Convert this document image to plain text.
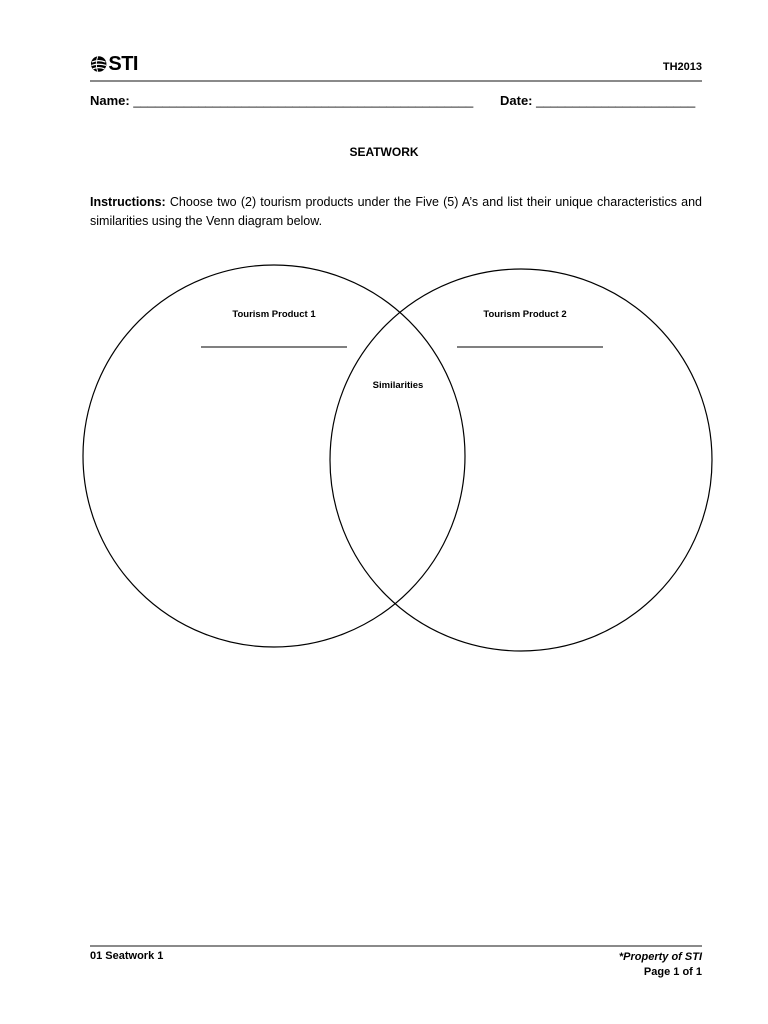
STI	TH2013
Name: _______________________________________________ Date: ______________________
SEATWORK
Instructions: Choose two (2) tourism products under the Five (5) A’s and list their unique characteristics and similarities using the Venn diagram below.
Tourism Product 1	Tourism Product 2
Similarities
01 Seatwork 1	*Property of STI
Page 1 of 1
